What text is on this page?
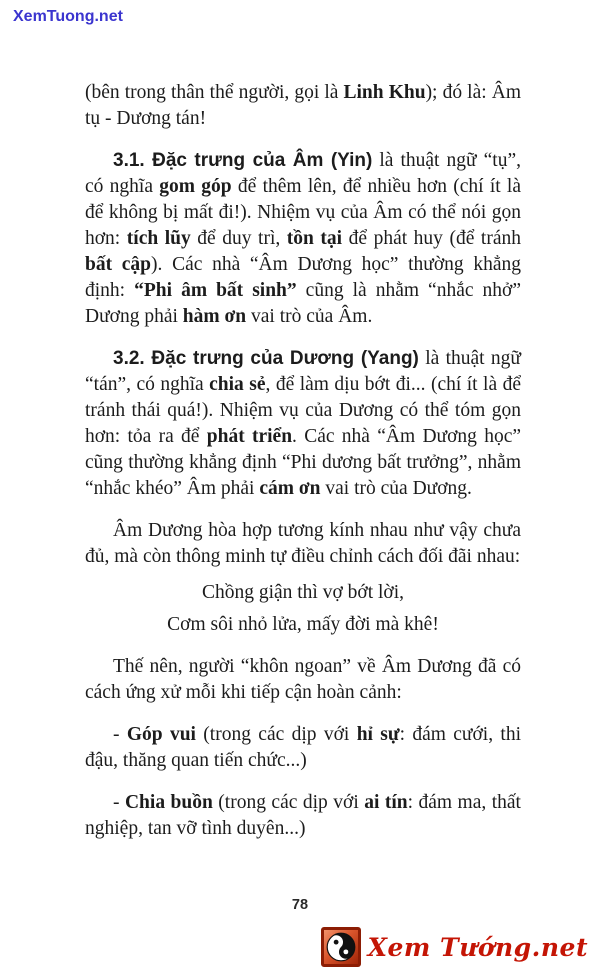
XemTuong.net

(bên trong thân thể người, gọi là Linh Khu); đó là: Âm tụ - Dương tán!

3.1. Đặc trưng của Âm (Yin) là thuật ngữ “tụ”, có nghĩa gom góp để thêm lên, để nhiều hơn (chí ít là để không bị mất đi!). Nhiệm vụ của Âm có thể nói gọn hơn: tích lũy để duy trì, tồn tại để phát huy (để tránh bất cập). Các nhà “Âm Dương học” thường khẳng định: “Phi âm bất sinh” cũng là nhằm “nhắc nhở” Dương phải hàm ơn vai trò của Âm.

3.2. Đặc trưng của Dương (Yang) là thuật ngữ “tán”, có nghĩa chia sẻ, để làm dịu bớt đi... (chí ít là để tránh thái quá!). Nhiệm vụ của Dương có thể tóm gọn hơn: tỏa ra để phát triển. Các nhà “Âm Dương học” cũng thường khẳng định “Phi dương bất trưởng”, nhằm “nhắc khéo” Âm phải cám ơn vai trò của Dương.

Âm Dương hòa hợp tương kính nhau như vậy chưa đủ, mà còn thông minh tự điều chỉnh cách đối đãi nhau:

Chồng giận thì vợ bớt lời,

Cơm sôi nhỏ lửa, mấy đời mà khê!

Thế nên, người “khôn ngoan” về Âm Dương đã có cách ứng xử mỗi khi tiếp cận hoàn cảnh:

- Góp vui (trong các dịp với hỉ sự: đám cưới, thi đậu, thăng quan tiến chức...)

- Chia buồn (trong các dịp với ai tín: đám ma, thất nghiệp, tan vỡ tình duyên...)

78
Xem Tướng.net
